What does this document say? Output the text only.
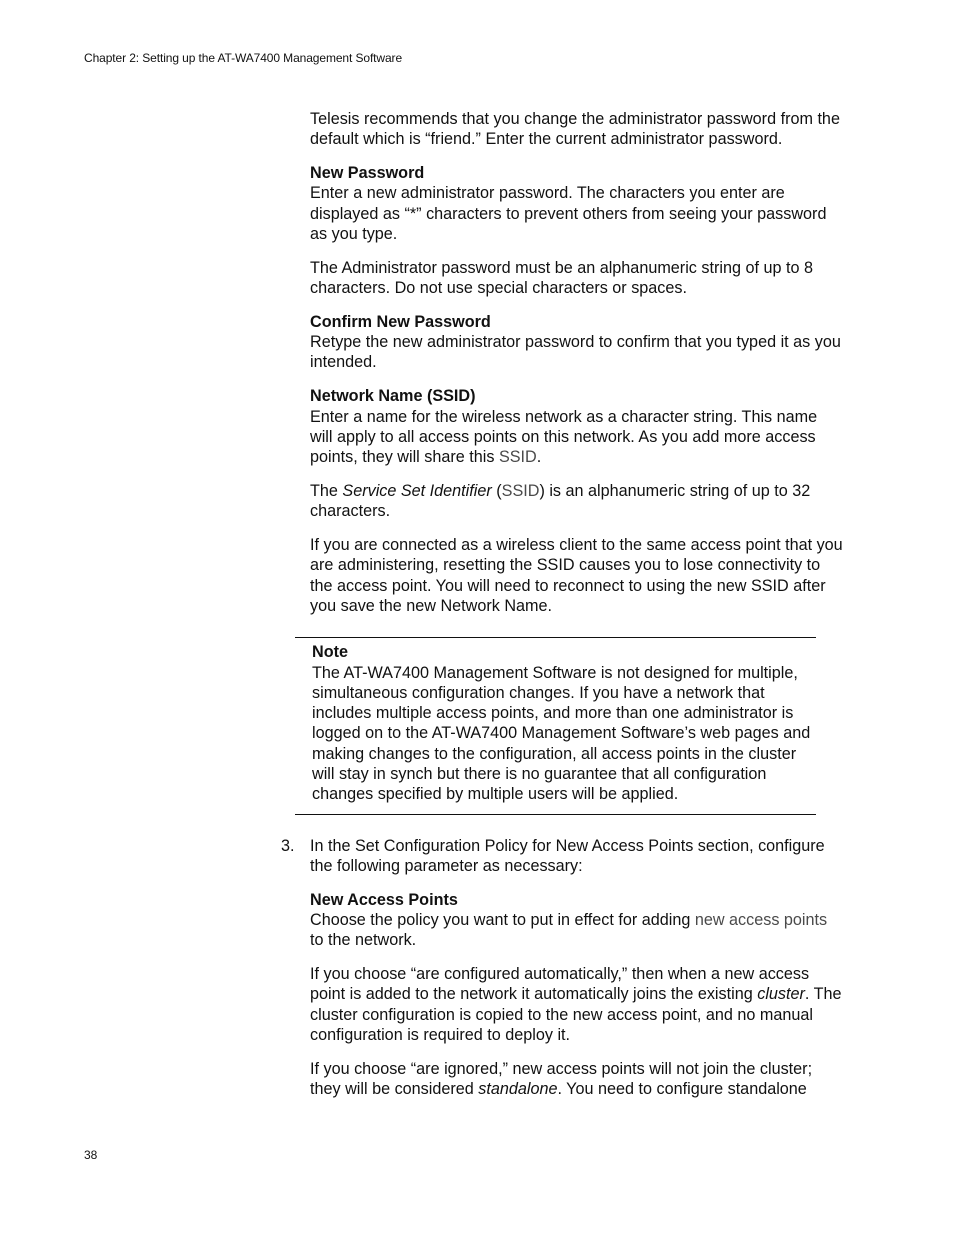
Chapter 2: Setting up the AT-WA7400 Management Software

Telesis recommends that you change the administrator password from the default which is “friend.” Enter the current administrator password.

New Password

Enter a new administrator password. The characters you enter are displayed as “*” characters to prevent others from seeing your password as you type.

The Administrator password must be an alphanumeric string of up to 8 characters. Do not use special characters or spaces.

Confirm New Password

Retype the new administrator password to confirm that you typed it as you intended.

Network Name (SSID)

Enter a name for the wireless network as a character string. This name will apply to all access points on this network. As you add more access points, they will share this SSID.

The Service Set Identifier (SSID) is an alphanumeric string of up to 32 characters.

If you are connected as a wireless client to the same access point that you are administering, resetting the SSID causes you to lose connectivity to the access point. You will need to reconnect to using the new SSID after you save the new Network Name.

Note
The AT-WA7400 Management Software is not designed for multiple, simultaneous configuration changes. If you have a network that includes multiple access points, and more than one administrator is logged on to the AT-WA7400 Management Software’s web pages and making changes to the configuration, all access points in the cluster will stay in synch but there is no guarantee that all configuration changes specified by multiple users will be applied.
3. In the Set Configuration Policy for New Access Points section, configure the following parameter as necessary:
New Access Points

Choose the policy you want to put in effect for adding new access points to the network.

If you choose “are configured automatically,” then when a new access point is added to the network it automatically joins the existing cluster. The cluster configuration is copied to the new access point, and no manual configuration is required to deploy it.

If you choose “are ignored,” new access points will not join the cluster; they will be considered standalone. You need to configure standalone

38
